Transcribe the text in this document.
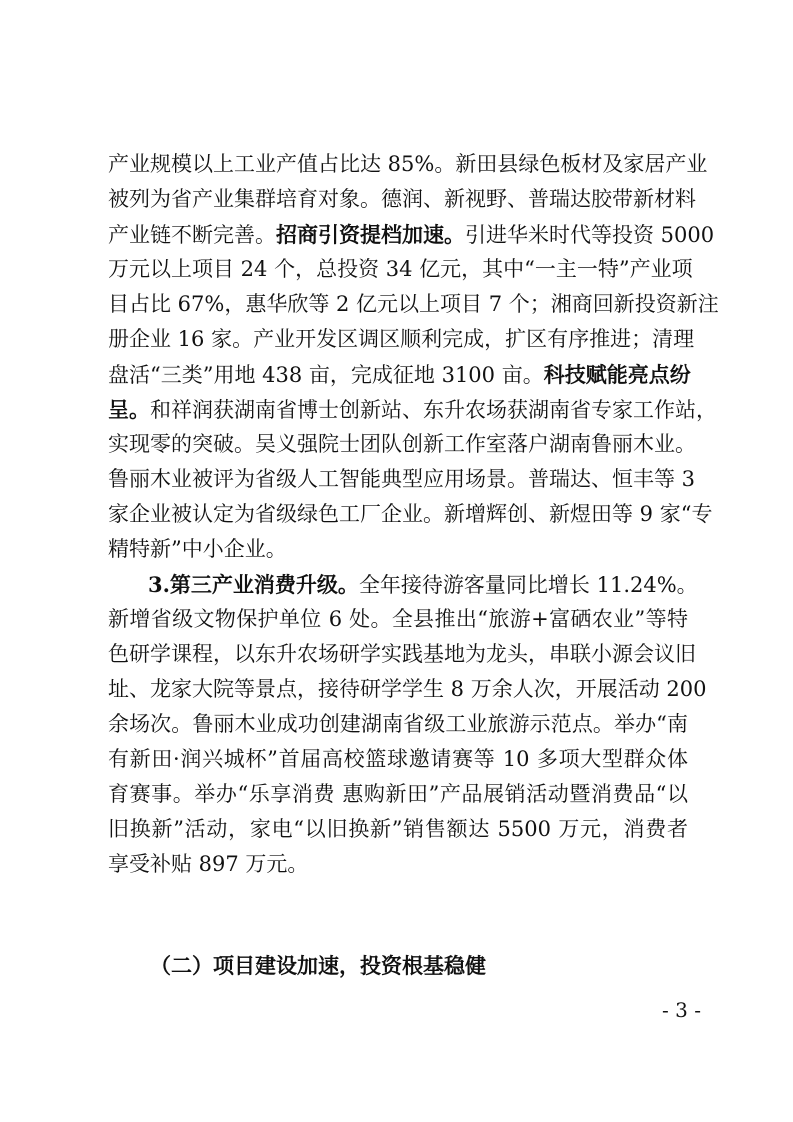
产业规模以上工业产值占比达 85%。新田县绿色板材及家居产业
被列为省产业集群培育对象。德润、新视野、普瑞达胶带新材料
产业链不断完善。招商引资提档加速。引进华米时代等投资 5000
万元以上项目 24 个，总投资 34 亿元，其中“一主一特”产业项
目占比 67%，惠华欣等 2 亿元以上项目 7 个；湘商回新投资新注
册企业 16 家。产业开发区调区顺利完成，扩区有序推进；清理
盘活“三类”用地 438 亩，完成征地 3100 亩。科技赋能亮点纷
呈。和祥润获湖南省博士创新站、东升农场获湖南省专家工作站，
实现零的突破。吴义强院士团队创新工作室落户湖南鲁丽木业。
鲁丽木业被评为省级人工智能典型应用场景。普瑞达、恒丰等 3
家企业被认定为省级绿色工厂企业。新增辉创、新煜田等 9 家“专
精特新”中小企业。
3.第三产业消费升级。全年接待游客量同比增长 11.24%。
新增省级文物保护单位 6 处。全县推出“旅游+富硒农业”等特
色研学课程，以东升农场研学实践基地为龙头，串联小源会议旧
址、龙家大院等景点，接待研学学生 8 万余人次，开展活动 200
余场次。鲁丽木业成功创建湖南省级工业旅游示范点。举办“南
有新田·润兴城杯”首届高校篮球邀请赛等 10 多项大型群众体
育赛事。举办“乐享消费 惠购新田”产品展销活动暨消费品“以
旧换新”活动，家电“以旧换新”销售额达 5500 万元，消费者
享受补贴 897 万元。
（二）项目建设加速，投资根基稳健
- 3 -
